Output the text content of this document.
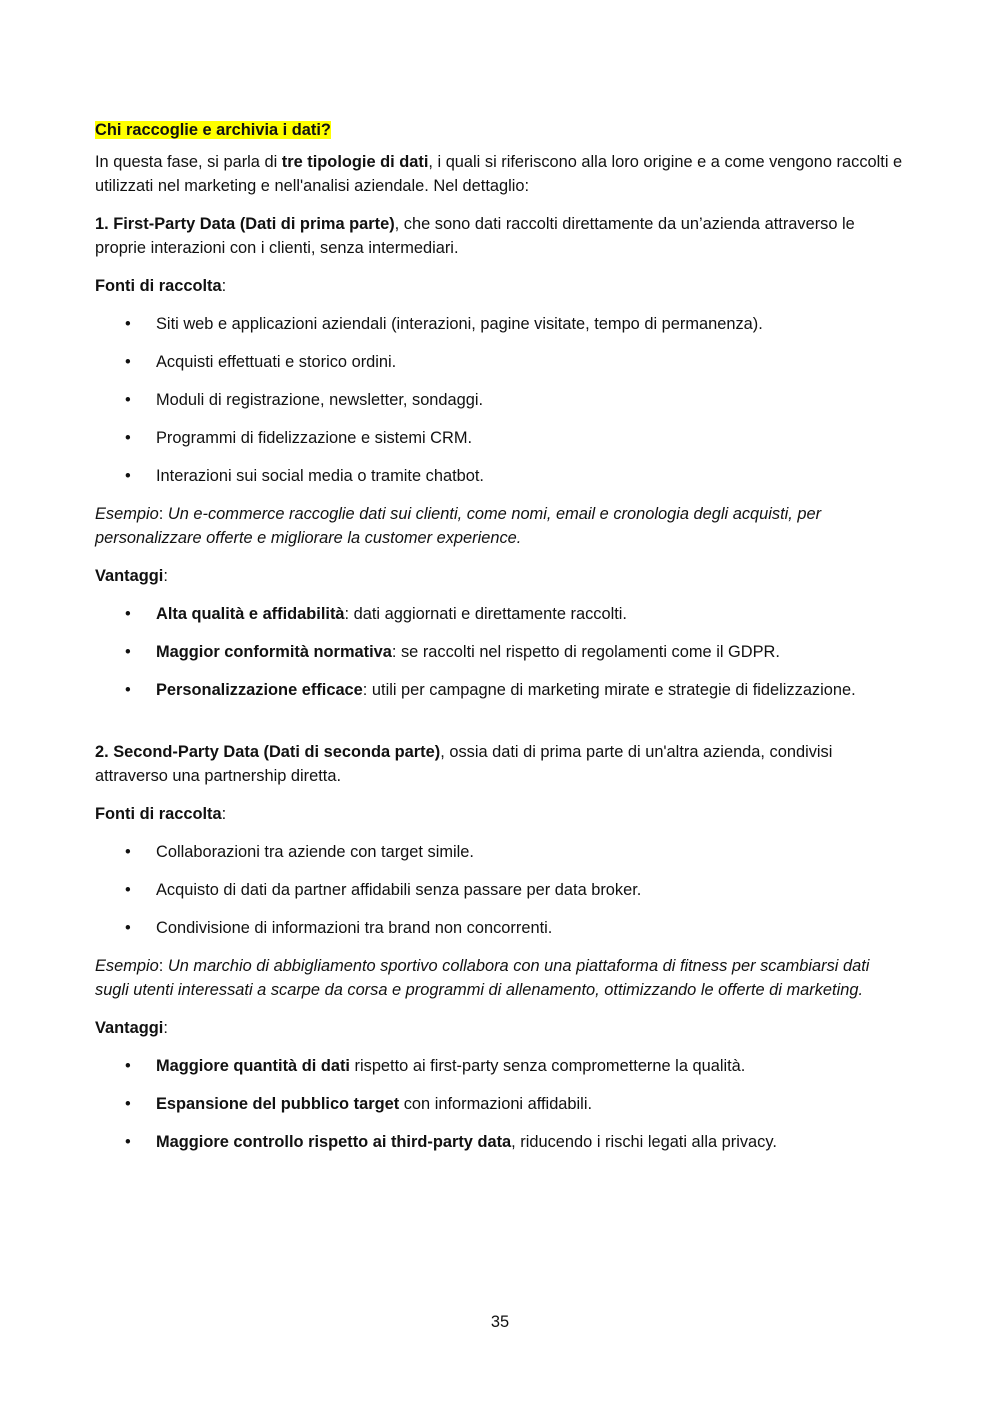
Chi raccoglie e archivia i dati?

In questa fase, si parla di tre tipologie di dati, i quali si riferiscono alla loro origine e a come vengono raccolti e utilizzati nel marketing e nell'analisi aziendale. Nel dettaglio:

1. First-Party Data (Dati di prima parte), che sono dati raccolti direttamente da un’azienda attraverso le proprie interazioni con i clienti, senza intermediari.

Fonti di raccolta:

• Siti web e applicazioni aziendali (interazioni, pagine visitate, tempo di permanenza).
• Acquisti effettuati e storico ordini.
• Moduli di registrazione, newsletter, sondaggi.
• Programmi di fidelizzazione e sistemi CRM.
• Interazioni sui social media o tramite chatbot.

Esempio: Un e-commerce raccoglie dati sui clienti, come nomi, email e cronologia degli acquisti, per personalizzare offerte e migliorare la customer experience.

Vantaggi:

• Alta qualità e affidabilità: dati aggiornati e direttamente raccolti.
• Maggior conformità normativa: se raccolti nel rispetto di regolamenti come il GDPR.
• Personalizzazione efficace: utili per campagne di marketing mirate e strategie di fidelizzazione.

2. Second-Party Data (Dati di seconda parte), ossia dati di prima parte di un'altra azienda, condivisi attraverso una partnership diretta.

Fonti di raccolta:

• Collaborazioni tra aziende con target simile.
• Acquisto di dati da partner affidabili senza passare per data broker.
• Condivisione di informazioni tra brand non concorrenti.

Esempio: Un marchio di abbigliamento sportivo collabora con una piattaforma di fitness per scambiarsi dati sugli utenti interessati a scarpe da corsa e programmi di allenamento, ottimizzando le offerte di marketing.

Vantaggi:

• Maggiore quantità di dati rispetto ai first-party senza comprometterne la qualità.
• Espansione del pubblico target con informazioni affidabili.
• Maggiore controllo rispetto ai third-party data, riducendo i rischi legati alla privacy.
35
